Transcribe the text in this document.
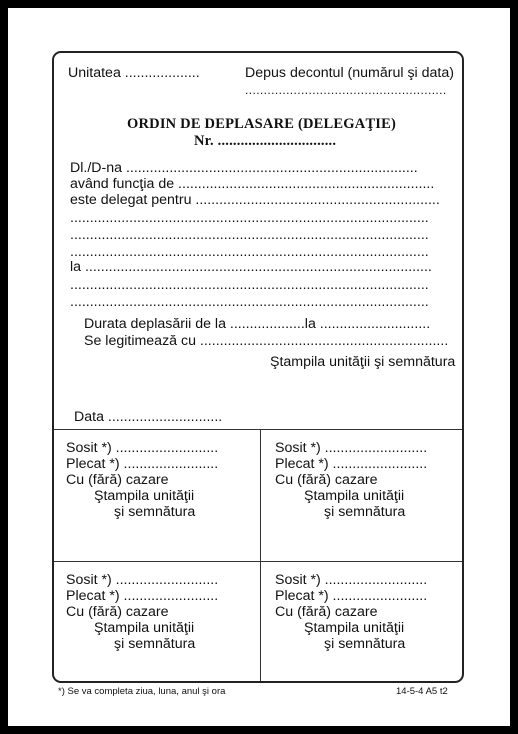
Unitatea ...................	Depus decontul (numărul şi data)
......................................................
ORDIN DE DEPLASARE (DELEGAŢIE)
Nr. ...............................
Dl./D-na ..........................................................................
având funcţia de .................................................................
este delegat pentru ..............................................................
...........................................................................................
...........................................................................................
...........................................................................................
la ........................................................................................
...........................................................................................
...........................................................................................
Durata deplasării de la ...................la ............................
Se legitimează cu ...............................................................
Ştampila unităţii şi semnătura
Data .............................
Sosit *) ..........................
Plecat *) ........................
Cu (fără) cazare
Ştampila unităţii
şi semnătura
Sosit *) ..........................
Plecat *) ........................
Cu (fără) cazare
Ştampila unităţii
şi semnătura
Sosit *) ..........................
Plecat *) ........................
Cu (fără) cazare
Ştampila unităţii
şi semnătura
Sosit *) ..........................
Plecat *) ........................
Cu (fără) cazare
Ştampila unităţii
şi semnătura
*) Se va completa ziua, luna, anul şi ora	14-5-4 A5 t2
